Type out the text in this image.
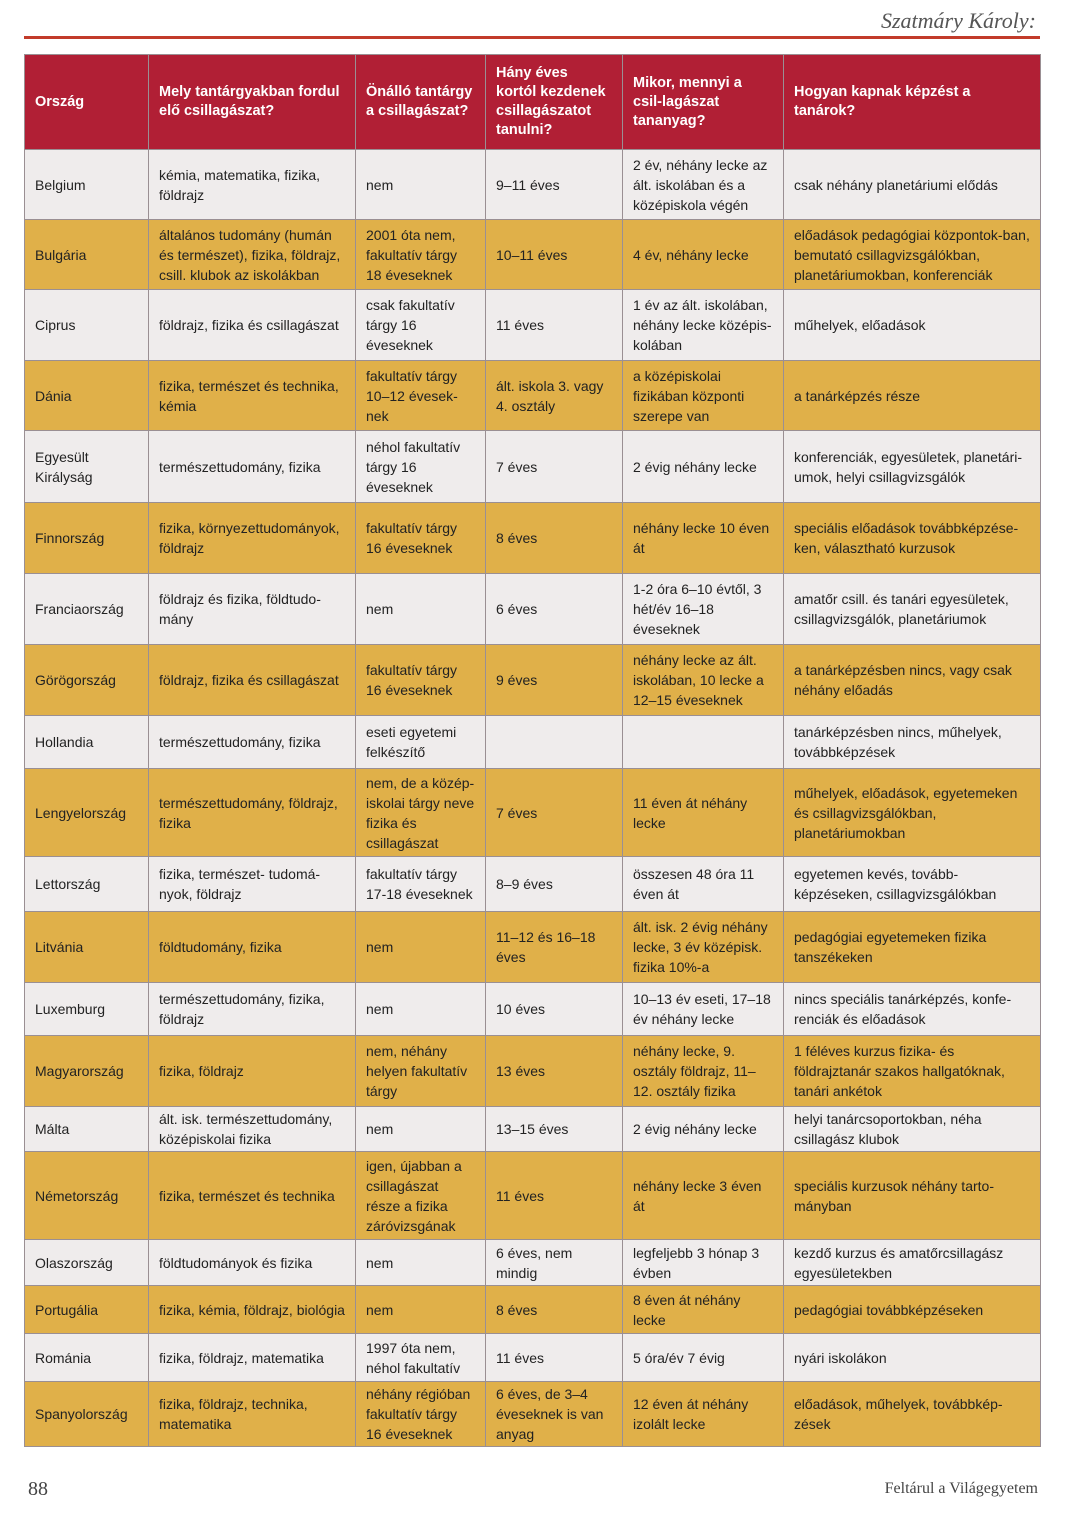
Szatmáry Károly:
Ország	Mely tantárgyakban fordul elő csillagászat?	Önálló tantárgy a csillagászat?	Hány éves kortól kezdenek csillagászatot tanulni?	Mikor, mennyi a csil-lagászat tananyag?	Hogyan kapnak képzést a tanárok?
Belgium	kémia, matematika, fizika, földrajz	nem	9–11 éves	2 év, néhány lecke az ált. iskolában és a középiskola végén	csak néhány planetáriumi elődás
Bulgária	általános tudomány (humán és természet), fizika, földrajz, csill. klubok az iskolákban	2001 óta nem, fakultatív tárgy 18 éveseknek	10–11 éves	4 év, néhány lecke	előadások pedagógiai központok-ban, bemutató csillagvizsgálókban, planetáriumokban, konferenciák
Ciprus	földrajz, fizika és csillagászat	csak fakultatív tárgy 16 éveseknek	11 éves	1 év az ált. iskolában, néhány lecke középis-kolában	műhelyek, előadások
Dánia	fizika, természet és technika, kémia	fakultatív tárgy 10–12 évesek-nek	ált. iskola 3. vagy 4. osztály	a középiskolai fizikában központi szerepe van	a tanárképzés része
Egyesült Királyság	természettudomány, fizika	néhol fakultatív tárgy 16 éveseknek	7 éves	2 évig néhány lecke	konferenciák, egyesületek, planetári-umok, helyi csillagvizsgálók
Finnország	fizika, környezettudományok, földrajz	fakultatív tárgy 16 éveseknek	8 éves	néhány lecke 10 éven át	speciális előadások továbbképzése-ken, választható kurzusok
Franciaország	földrajz és fizika, földtudo-mány	nem	6 éves	1-2 óra 6–10 évtől, 3 hét/év 16–18 éveseknek	amatőr csill. és tanári egyesületek, csillagvizsgálók, planetáriumok
Görögország	földrajz, fizika és csillagászat	fakultatív tárgy 16 éveseknek	9 éves	néhány lecke az ált. iskolában, 10 lecke a 12–15 éveseknek	a tanárképzésben nincs, vagy csak néhány előadás
Hollandia	természettudomány, fizika	eseti egyetemi felkészítő			tanárképzésben nincs, műhelyek, továbbképzések
Lengyelország	természettudomány, földrajz, fizika	nem, de a közép-iskolai tárgy neve fizika és csillagászat	7 éves	11 éven át néhány lecke	műhelyek, előadások, egyetemeken és csillagvizsgálókban, planetáriumokban
Lettország	fizika, természet- tudomá-nyok, földrajz	fakultatív tárgy 17-18 éveseknek	8–9 éves	összesen 48 óra 11 éven át	egyetemen kevés, tovább-képzéseken, csillagvizsgálókban
Litvánia	földtudomány, fizika	nem	11–12 és 16–18 éves	ált. isk. 2 évig néhány lecke, 3 év középisk. fizika 10%-a	pedagógiai egyetemeken fizika tanszékeken
Luxemburg	természettudomány, fizika, földrajz	nem	10 éves	10–13 év eseti, 17–18 év néhány lecke	nincs speciális tanárképzés, konfe-renciák és előadások
Magyarország	fizika, földrajz	nem, néhány helyen fakultatív tárgy	13 éves	néhány lecke, 9. osztály földrajz, 11–12. osztály fizika	1 féléves kurzus fizika- és földrajztanár szakos hallgatóknak, tanári ankétok
Málta	ált. isk. természettudomány, középiskolai fizika	nem	13–15 éves	2 évig néhány lecke	helyi tanárcsoportokban, néha csillagász klubok
Németország	fizika, természet és technika	igen, újabban a csillagászat része a fizika záróvizsgának	11 éves	néhány lecke 3 éven át	speciális kurzusok néhány tarto-mányban
Olaszország	földtudományok és fizika	nem	6 éves, nem mindig	legfeljebb 3 hónap 3 évben	kezdő kurzus és amatőrcsillagász egyesületekben
Portugália	fizika, kémia, földrajz, biológia	nem	8 éves	8 éven át néhány lecke	pedagógiai továbbképzéseken
Románia	fizika, földrajz, matematika	1997 óta nem, néhol fakultatív	11 éves	5 óra/év 7 évig	nyári iskolákon
Spanyolország	fizika, földrajz, technika, matematika	néhány régióban fakultatív tárgy 16 éveseknek	6 éves, de 3–4 éveseknek is van anyag	12 éven át néhány izolált lecke	előadások, műhelyek, továbbkép-zések
88	Feltárul a Világegyetem
